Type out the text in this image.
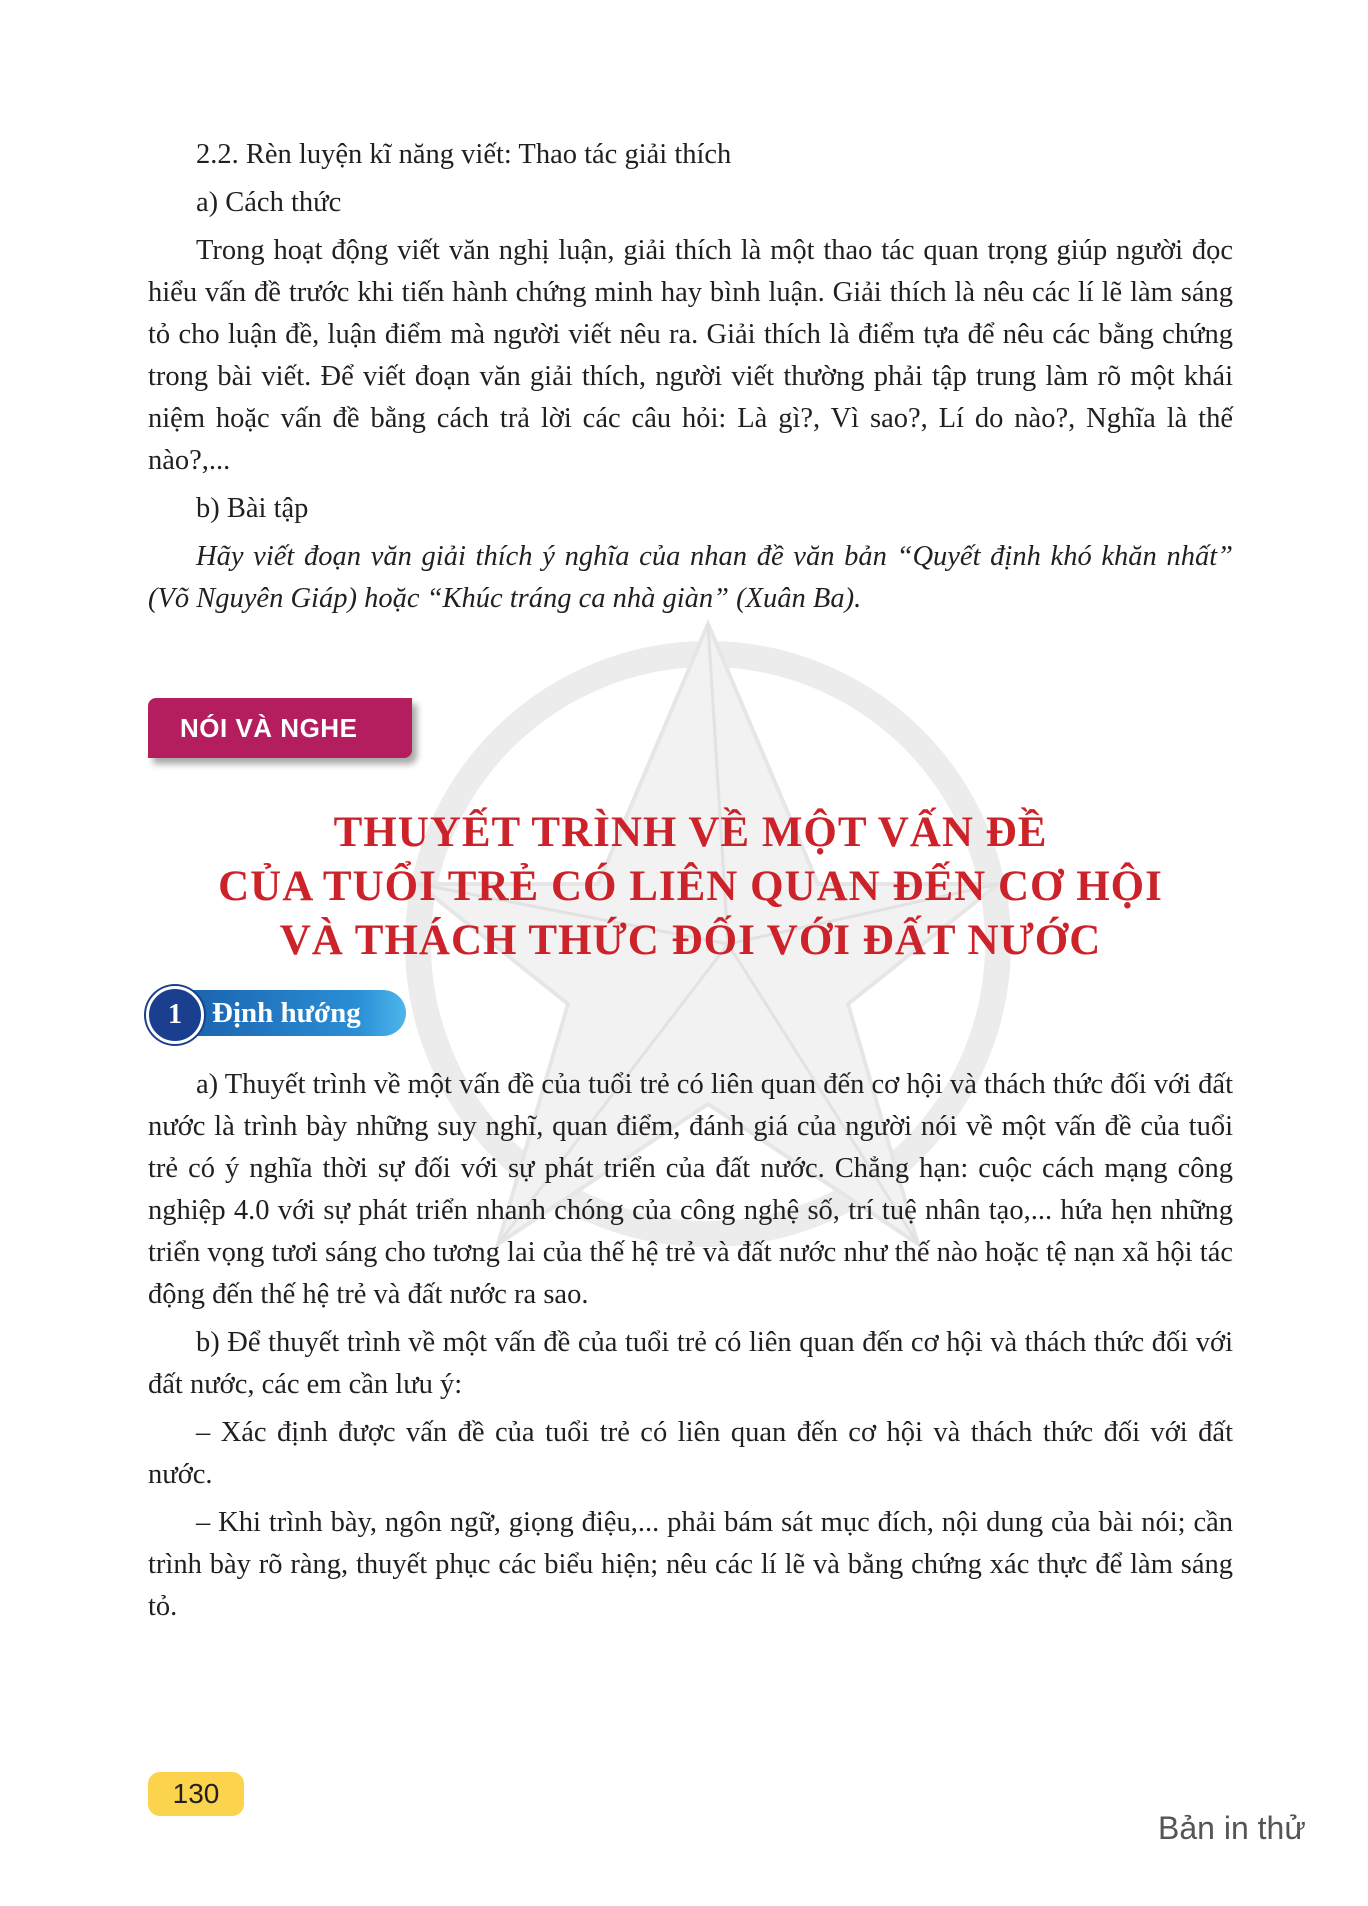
2.2. Rèn luyện kĩ năng viết: Thao tác giải thích

a) Cách thức

Trong hoạt động viết văn nghị luận, giải thích là một thao tác quan trọng giúp người đọc hiểu vấn đề trước khi tiến hành chứng minh hay bình luận. Giải thích là nêu các lí lẽ làm sáng tỏ cho luận đề, luận điểm mà người viết nêu ra. Giải thích là điểm tựa để nêu các bằng chứng trong bài viết. Để viết đoạn văn giải thích, người viết thường phải tập trung làm rõ một khái niệm hoặc vấn đề bằng cách trả lời các câu hỏi: Là gì?, Vì sao?, Lí do nào?, Nghĩa là thế nào?,...

b) Bài tập

Hãy viết đoạn văn giải thích ý nghĩa của nhan đề văn bản “Quyết định khó khăn nhất” (Võ Nguyên Giáp) hoặc “Khúc tráng ca nhà giàn” (Xuân Ba).

NÓI VÀ NGHE
THUYẾT TRÌNH VỀ MỘT VẤN ĐỀ
CỦA TUỔI TRẺ CÓ LIÊN QUAN ĐẾN CƠ HỘI
VÀ THÁCH THỨC ĐỐI VỚI ĐẤT NƯỚC
1	Định hướng

a) Thuyết trình về một vấn đề của tuổi trẻ có liên quan đến cơ hội và thách thức đối với đất nước là trình bày những suy nghĩ, quan điểm, đánh giá của người nói về một vấn đề của tuổi trẻ có ý nghĩa thời sự đối với sự phát triển của đất nước. Chẳng hạn: cuộc cách mạng công nghiệp 4.0 với sự phát triển nhanh chóng của công nghệ số, trí tuệ nhân tạo,... hứa hẹn những triển vọng tươi sáng cho tương lai của thế hệ trẻ và đất nước như thế nào hoặc tệ nạn xã hội tác động đến thế hệ trẻ và đất nước ra sao.

b) Để thuyết trình về một vấn đề của tuổi trẻ có liên quan đến cơ hội và thách thức đối với đất nước, các em cần lưu ý:

– Xác định được vấn đề của tuổi trẻ có liên quan đến cơ hội và thách thức đối với đất nước.

– Khi trình bày, ngôn ngữ, giọng điệu,... phải bám sát mục đích, nội dung của bài nói; cần trình bày rõ ràng, thuyết phục các biểu hiện; nêu các lí lẽ và bằng chứng xác thực để làm sáng tỏ.

130
Bản in thử
